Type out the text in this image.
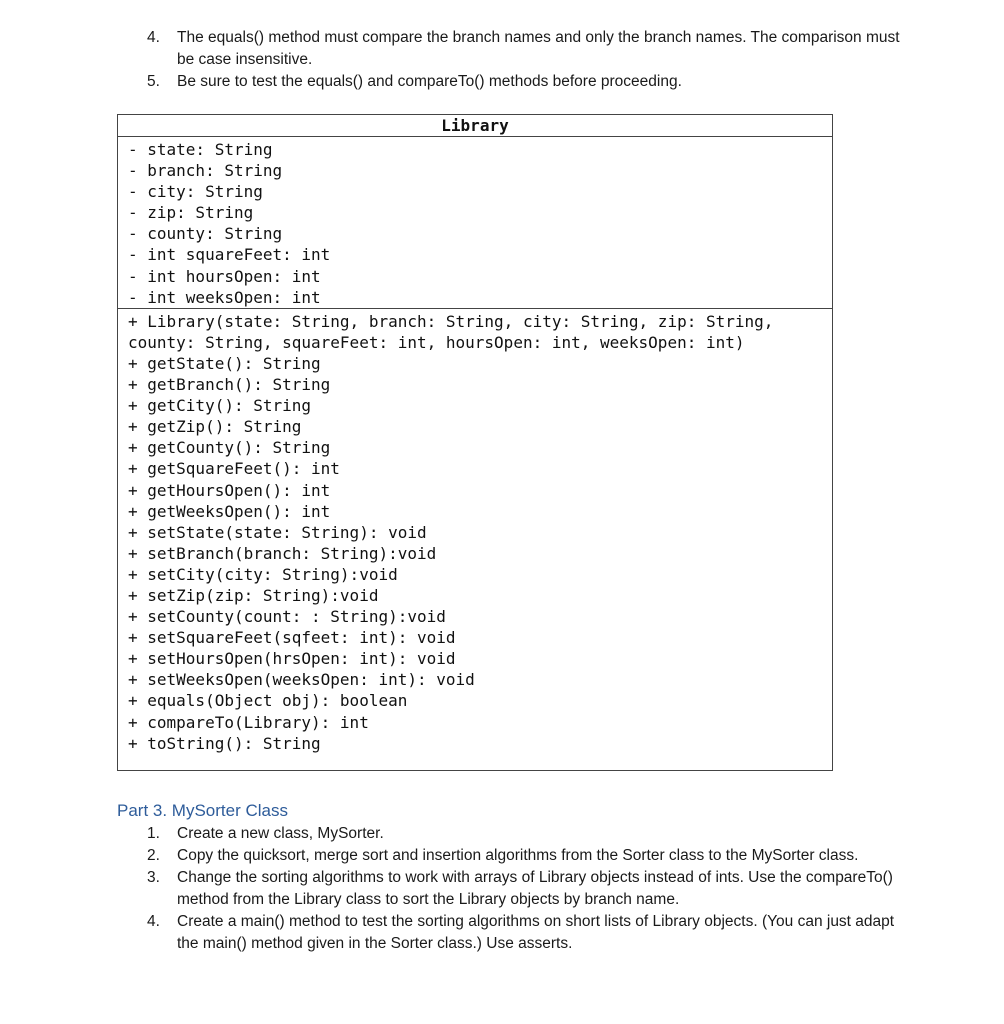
4. The equals() method must compare the branch names and only the branch names. The comparison must be case insensitive.
5. Be sure to test the equals() and compareTo() methods before proceeding.
Library
- state: String
- branch: String
- city: String
- zip: String
- county: String
- int squareFeet: int
- int hoursOpen: int
- int weeksOpen: int
+ Library(state: String, branch: String, city: String, zip: String,
county: String, squareFeet: int, hoursOpen: int, weeksOpen: int)
+ getState(): String
+ getBranch(): String
+ getCity(): String
+ getZip(): String
+ getCounty(): String
+ getSquareFeet(): int
+ getHoursOpen(): int
+ getWeeksOpen(): int
+ setState(state: String): void
+ setBranch(branch: String):void
+ setCity(city: String):void
+ setZip(zip: String):void
+ setCounty(count: : String):void
+ setSquareFeet(sqfeet: int): void
+ setHoursOpen(hrsOpen: int): void
+ setWeeksOpen(weeksOpen: int): void
+ equals(Object obj): boolean
+ compareTo(Library): int
+ toString(): String
Part 3. MySorter Class
1. Create a new class, MySorter.
2. Copy the quicksort, merge sort and insertion algorithms from the Sorter class to the MySorter class.
3. Change the sorting algorithms to work with arrays of Library objects instead of ints. Use the compareTo() method from the Library class to sort the Library objects by branch name.
4. Create a main() method to test the sorting algorithms on short lists of Library objects. (You can just adapt the main() method given in the Sorter class.) Use asserts.
